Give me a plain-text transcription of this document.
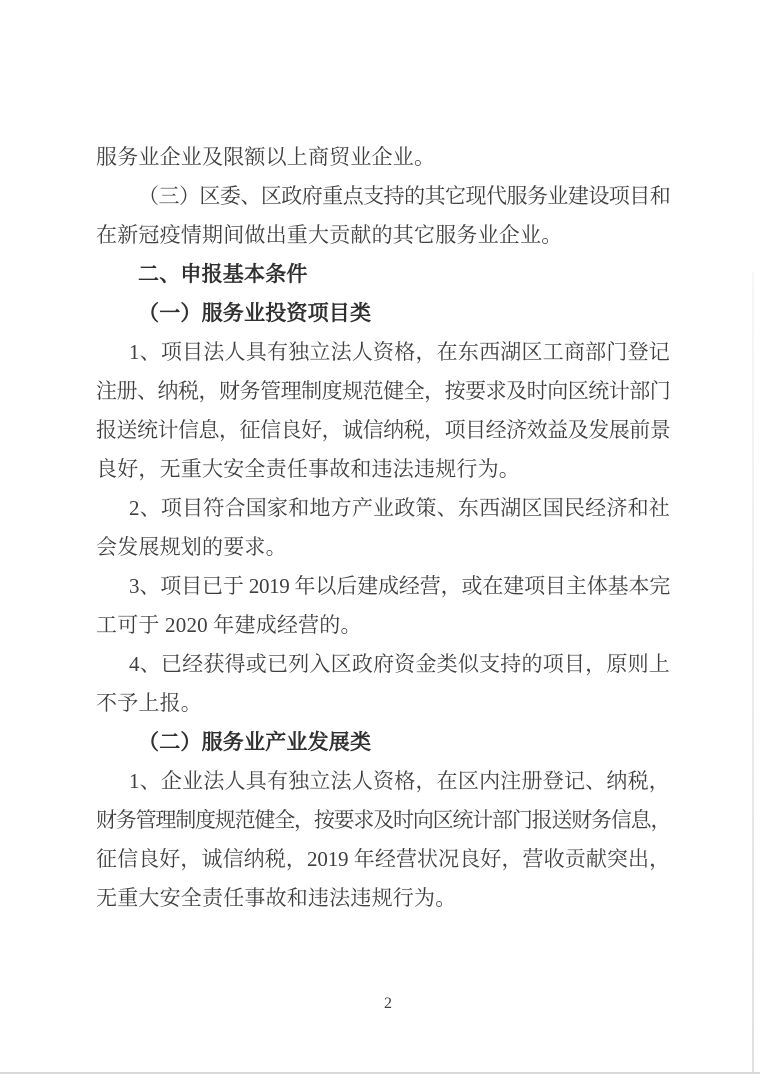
服务业企业及限额以上商贸业企业。
（三）区委、区政府重点支持的其它现代服务业建设项目和
在新冠疫情期间做出重大贡献的其它服务业企业。
二、申报基本条件
（一）服务业投资项目类
1、项目法人具有独立法人资格，在东西湖区工商部门登记
注册、纳税，财务管理制度规范健全，按要求及时向区统计部门
报送统计信息，征信良好，诚信纳税，项目经济效益及发展前景
良好，无重大安全责任事故和违法违规行为。
2、项目符合国家和地方产业政策、东西湖区国民经济和社
会发展规划的要求。
3、项目已于 2019 年以后建成经营，或在建项目主体基本完
工可于 2020 年建成经营的。
4、已经获得或已列入区政府资金类似支持的项目，原则上
不予上报。
（二）服务业产业发展类
1、企业法人具有独立法人资格，在区内注册登记、纳税，
财务管理制度规范健全，按要求及时向区统计部门报送财务信息，
征信良好，诚信纳税，2019 年经营状况良好，营收贡献突出，
无重大安全责任事故和违法违规行为。
2
